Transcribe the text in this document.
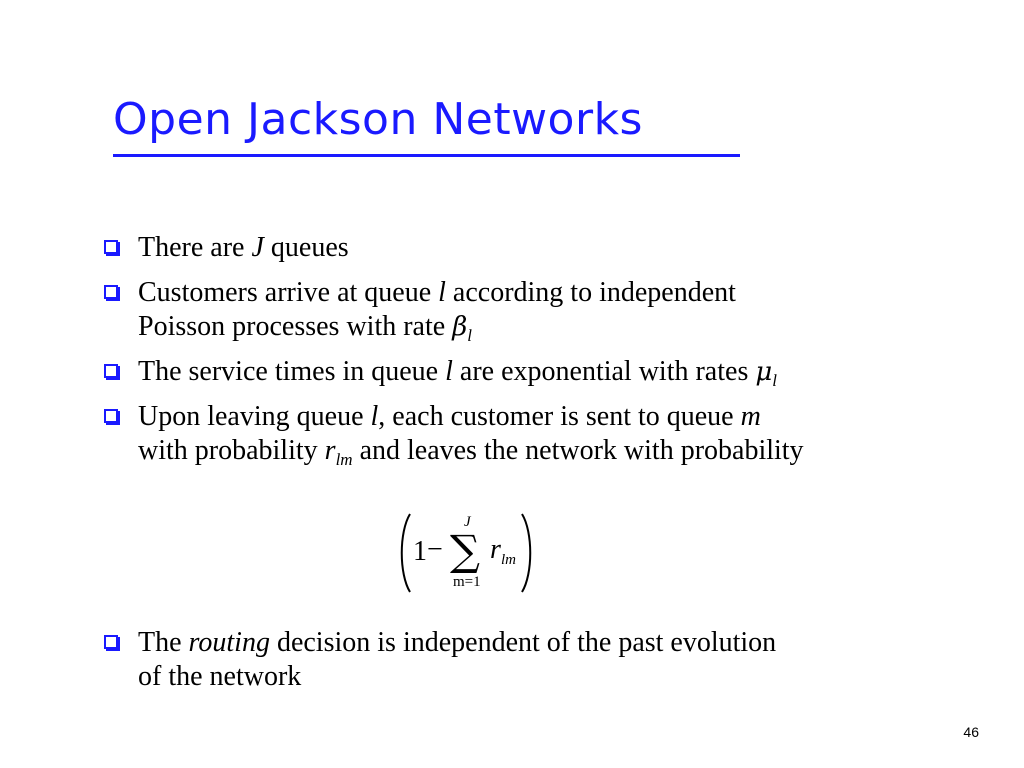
Open Jackson Networks
There are J queues
Customers arrive at queue l according to independent
Poisson processes with rate $\beta_l$
The service times in queue l are exponential with rates $\mu_l$
Upon leaving queue l, each customer is sent to queue m
with probability $r_{lm}$ and leaves the network with probability
1 − ∑
J
m=1
r lm
The routing decision is independent of the past evolution
of the network
46
